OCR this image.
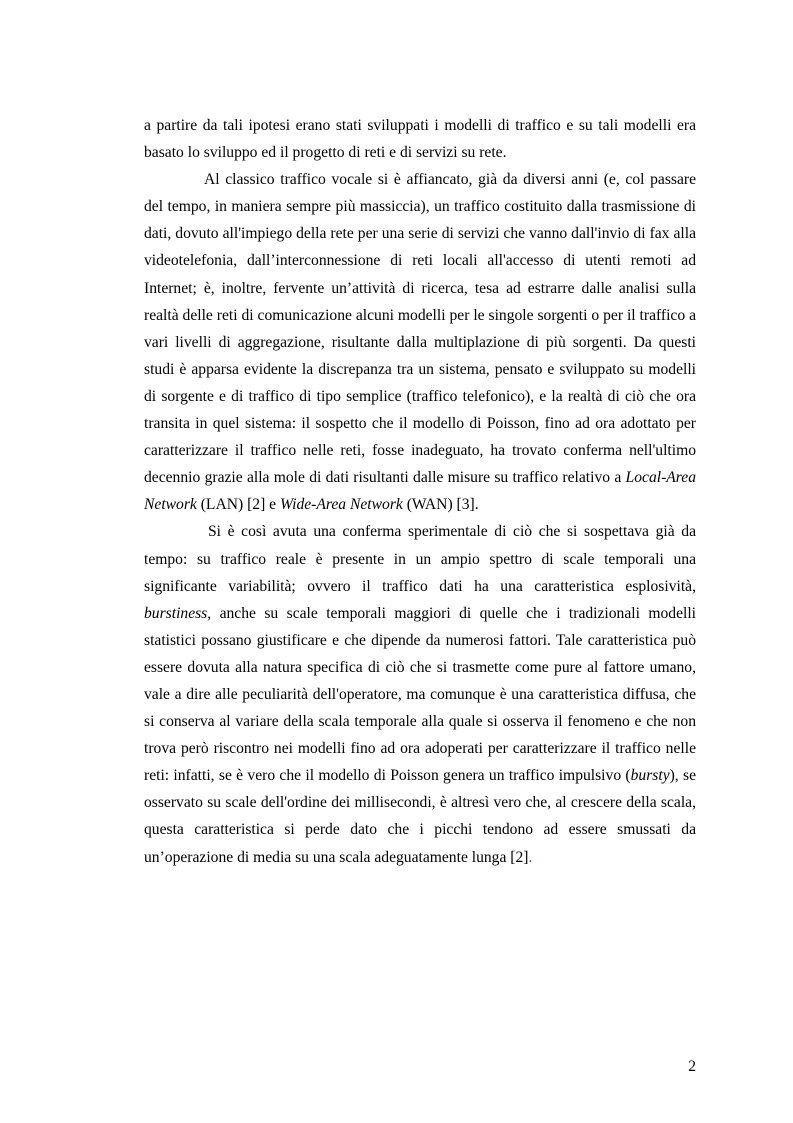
a partire da tali ipotesi erano stati sviluppati i modelli di traffico e su tali modelli era basato lo sviluppo ed il progetto di reti e di servizi su rete.

Al classico traffico vocale si è affiancato, già da diversi anni (e, col passare del tempo, in maniera sempre più massiccia), un traffico costituito dalla trasmissione di dati, dovuto all'impiego della rete per una serie di servizi che vanno dall'invio di fax alla videotelefonia, dall’interconnessione di reti locali all'accesso di utenti remoti ad Internet; è, inoltre, fervente un’attività di ricerca, tesa ad estrarre dalle analisi sulla realtà delle reti di comunicazione alcuni modelli per le singole sorgenti o per il traffico a vari livelli di aggregazione, risultante dalla multiplazione di più sorgenti. Da questi studi è apparsa evidente la discrepanza tra un sistema, pensato e sviluppato su modelli di sorgente e di traffico di tipo semplice (traffico telefonico), e la realtà di ciò che ora transita in quel sistema: il sospetto che il modello di Poisson, fino ad ora adottato per caratterizzare il traffico nelle reti, fosse inadeguato, ha trovato conferma nell'ultimo decennio grazie alla mole di dati risultanti dalle misure su traffico relativo a Local-Area Network (LAN) [2] e Wide-Area Network (WAN) [3].

Si è così avuta una conferma sperimentale di ciò che si sospettava già da tempo: su traffico reale è presente in un ampio spettro di scale temporali una significante variabilità; ovvero il traffico dati ha una caratteristica esplosività, burstiness, anche su scale temporali maggiori di quelle che i tradizionali modelli statistici possano giustificare e che dipende da numerosi fattori. Tale caratteristica può essere dovuta alla natura specifica di ciò che si trasmette come pure al fattore umano, vale a dire alle peculiarità dell'operatore, ma comunque è una caratteristica diffusa, che si conserva al variare della scala temporale alla quale si osserva il fenomeno e che non trova però riscontro nei modelli fino ad ora adoperati per caratterizzare il traffico nelle reti: infatti, se è vero che il modello di Poisson genera un traffico impulsivo (bursty), se osservato su scale dell'ordine dei millisecondi, è altresì vero che, al crescere della scala, questa caratteristica si perde dato che i picchi tendono ad essere smussati da un’operazione di media su una scala adeguatamente lunga [2].

2
